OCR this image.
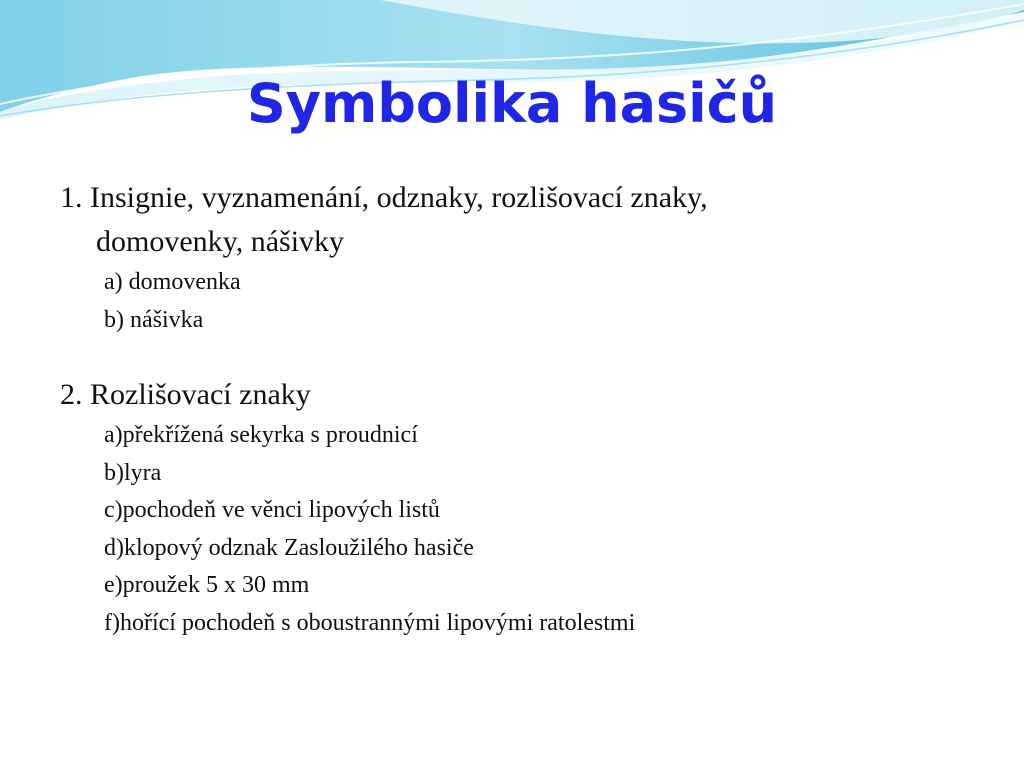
Symbolika hasičů

1. Insignie, vyznamenání, odznaky, rozlišovací znaky,
domovenky, nášivky

a) domovenka

b) nášivka

2. Rozlišovací znaky

a)překřížená sekyrka s proudnicí

b)lyra

c)pochodeň ve věnci lipových listů

d)klopový odznak Zasloužilého hasiče

e)proužek 5 x 30 mm

f)hořící pochodeň s oboustrannými lipovými ratolestmi
